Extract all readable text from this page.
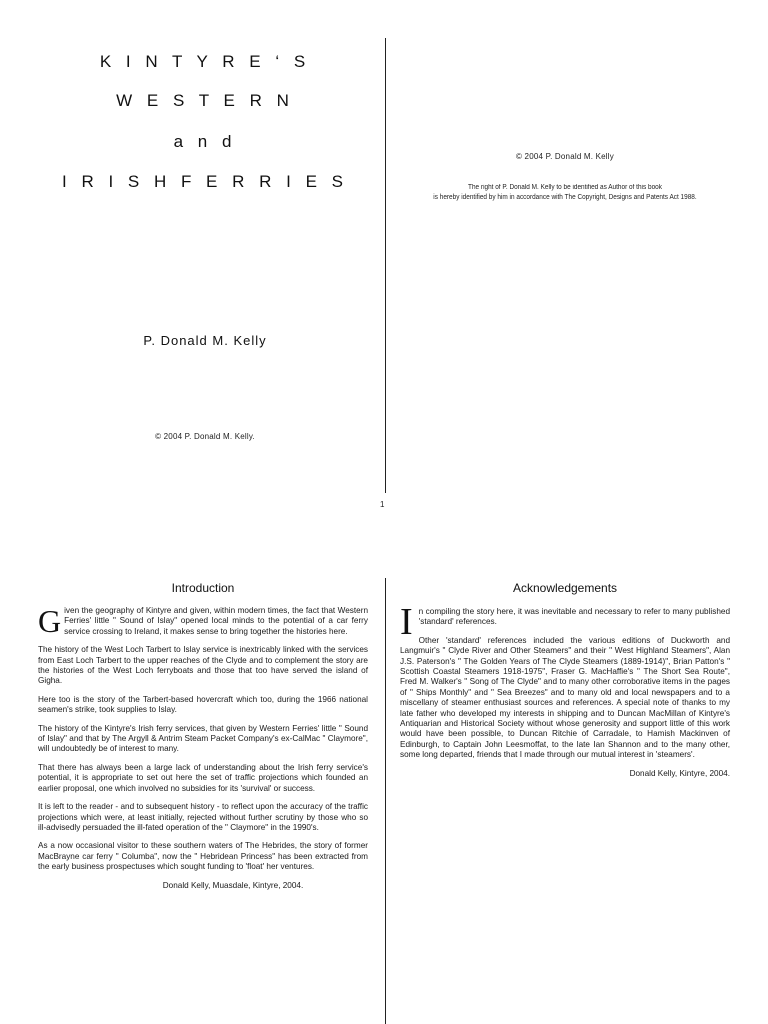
K I N T Y R E ‘ S
W E S T E R N
a n d
I R I S H F E R R I E S
P. Donald M. Kelly
© 2004 P. Donald M. Kelly.
© 2004 P. Donald M. Kelly
The right of P. Donald M. Kelly to be identified as Author of this book
is hereby identified by him in accordance with The Copyright, Designs and Patents Act 1988.
1
Introduction

Given the geography of Kintyre and given, within modern times, the fact that Western Ferries' little " Sound of Islay" opened local minds to the potential of a car ferry service crossing to Ireland, it makes sense to bring together the histories here.

The history of the West Loch Tarbert to Islay service is inextricably linked with the services from East Loch Tarbert to the upper reaches of the Clyde and to complement the story are the histories of the West Loch ferryboats and those that too have served the island of Gigha.

Here too is the story of the Tarbert-based hovercraft which too, during the 1966 national seamen's strike, took supplies to Islay.

The history of the Kintyre's Irish ferry services, that given by Western Ferries' little " Sound of Islay" and that by The Argyll & Antrim Steam Packet Company's ex-CalMac " Claymore", will undoubtedly be of interest to many.

That there has always been a large lack of understanding about the Irish ferry service's potential, it is appropriate to set out here the set of traffic projections which founded an earlier proposal, one which involved no subsidies for its 'survival' or success.

It is left to the reader - and to subsequent history - to reflect upon the accuracy of the traffic projections which were, at least initially, rejected without further scrutiny by those who so ill-advisedly persuaded the ill-fated operation of the " Claymore" in the 1990's.

As a now occasional visitor to these southern waters of The Hebrides, the story of former MacBrayne car ferry " Columba", now the " Hebridean Princess" has been extracted from the early business prospectuses which sought funding to 'float' her ventures.

Donald Kelly, Muasdale, Kintyre, 2004.

Acknowledgements

In compiling the story here, it was inevitable and necessary to refer to many published 'standard' references.

Other 'standard' references included the various editions of Duckworth and Langmuir's " Clyde River and Other Steamers" and their " West Highland Steamers", Alan J.S. Paterson's " The Golden Years of The Clyde Steamers (1889-1914)", Brian Patton's " Scottish Coastal Steamers 1918-1975", Fraser G. MacHaffie's " The Short Sea Route", Fred M. Walker's " Song of The Clyde" and to many other corroborative items in the pages of " Ships Monthly" and " Sea Breezes" and to many old and local newspapers and to a miscellany of steamer enthusiast sources and references. A special note of thanks to my late father who developed my interests in shipping and to Duncan MacMillan of Kintyre's Antiquarian and Historical Society without whose generosity and support little of this work would have been possible, to Duncan Ritchie of Carradale, to Hamish Mackinven of Edinburgh, to Captain John Leesmoffat, to the late Ian Shannon and to the many other, some long departed, friends that I made through our mutual interest in 'steamers'.

Donald Kelly, Kintyre, 2004.
